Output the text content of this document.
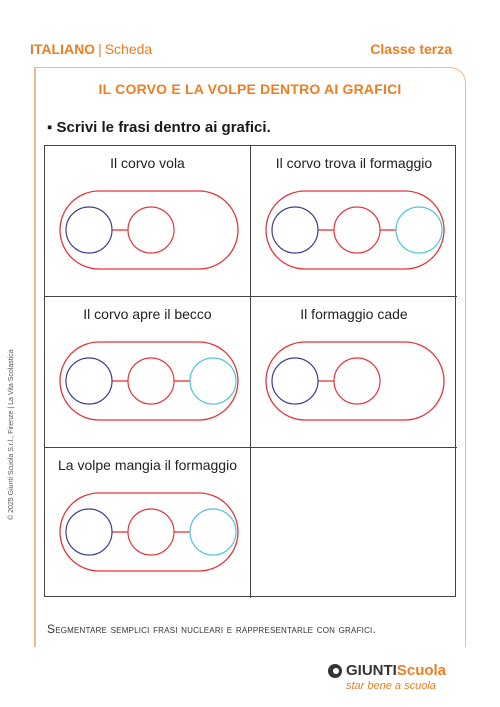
ITALIANO | Scheda	Classe terza
IL CORVO E LA VOLPE DENTRO AI GRAFICI
▪ Scrivi le frasi dentro ai grafici.
Il corvo vola	Il corvo trova il formaggio
Il corvo apre il becco	Il formaggio cade
La volpe mangia il formaggio
Segmentare semplici frasi nucleari e rappresentarle con grafici.
© 2025 Giunti Scuola S.r.l., Firenze | La Vita Scolastica
GIUNTI Scuola
star bene a scuola
